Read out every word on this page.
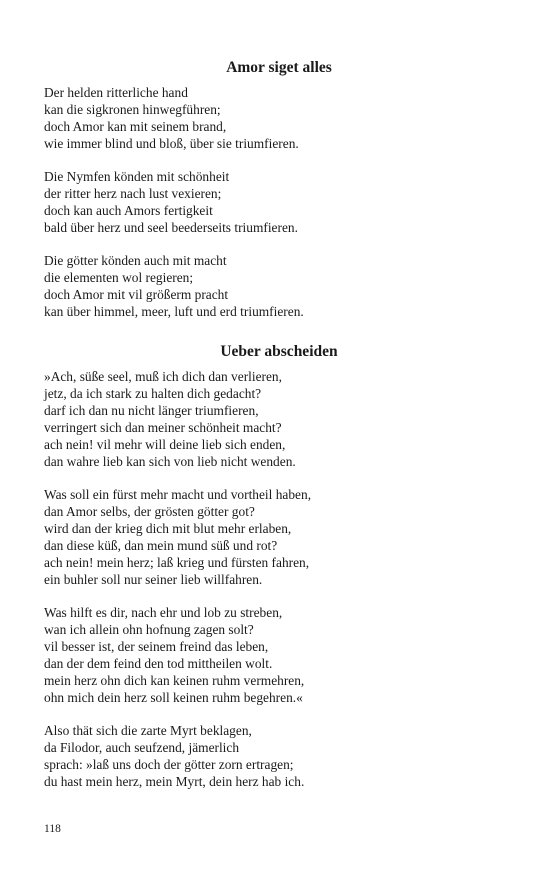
Amor siget alles
Der helden ritterliche hand
kan die sigkronen hinwegführen;
doch Amor kan mit seinem brand,
wie immer blind und bloß, über sie triumfieren.
Die Nymfen könden mit schönheit
der ritter herz nach lust vexieren;
doch kan auch Amors fertigkeit
bald über herz und seel beederseits triumfieren.
Die götter könden auch mit macht
die elementen wol regieren;
doch Amor mit vil größerm pracht
kan über himmel, meer, luft und erd triumfieren.
Ueber abscheiden
»Ach, süße seel, muß ich dich dan verlieren,
jetz, da ich stark zu halten dich gedacht?
darf ich dan nu nicht länger triumfieren,
verringert sich dan meiner schönheit macht?
ach nein! vil mehr will deine lieb sich enden,
dan wahre lieb kan sich von lieb nicht wenden.
Was soll ein fürst mehr macht und vortheil haben,
dan Amor selbs, der grösten götter got?
wird dan der krieg dich mit blut mehr erlaben,
dan diese küß, dan mein mund süß und rot?
ach nein! mein herz; laß krieg und fürsten fahren,
ein buhler soll nur seiner lieb willfahren.
Was hilft es dir, nach ehr und lob zu streben,
wan ich allein ohn hofnung zagen solt?
vil besser ist, der seinem freind das leben,
dan der dem feind den tod mittheilen wolt.
mein herz ohn dich kan keinen ruhm vermehren,
ohn mich dein herz soll keinen ruhm begehren.«
Also thät sich die zarte Myrt beklagen,
da Filodor, auch seufzend, jämerlich
sprach: »laß uns doch der götter zorn ertragen;
du hast mein herz, mein Myrt, dein herz hab ich.
118
